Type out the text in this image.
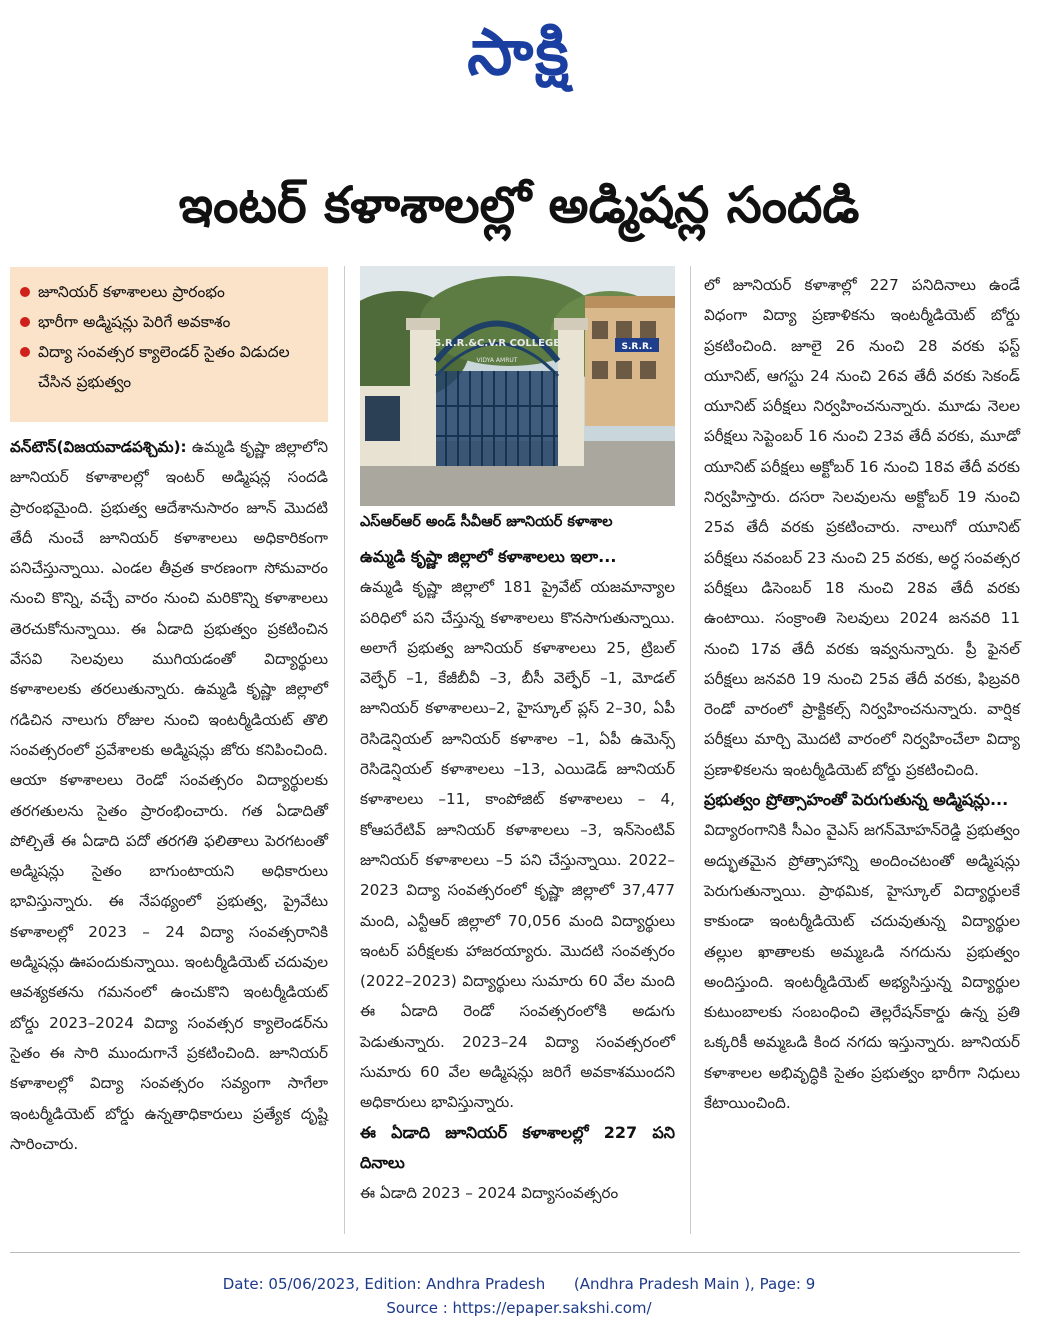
సాక్షి
ఇంటర్ కళాశాలల్లో అడ్మిషన్ల సందడి
జూనియర్ కళాశాలలు ప్రారంభం
భారీగా అడ్మిషన్లు పెరిగే అవకాశం
విద్యా సంవత్సర క్యాలెండర్ సైతం విడుదల చేసిన ప్రభుత్వం
వన్‌టౌన్(విజయవాడపశ్చిమ): ఉమ్మడి కృష్ణా జిల్లాలోని జూనియర్ కళాశాలల్లో ఇంటర్ అడ్మిషన్ల సందడి ప్రారంభమైంది. ప్రభుత్వ ఆదేశానుసారం జూన్ మొదటి తేదీ నుంచే జూనియర్ కళాశాలలు అధికారికంగా పనిచేస్తున్నాయి. ఎండల తీవ్రత కారణంగా సోమవారం నుంచి కొన్ని, వచ్చే వారం నుంచి మరికొన్ని కళాశాలలు తెరచుకోనున్నాయి. ఈ ఏడాది ప్రభుత్వం ప్రకటించిన వేసవి సెలవులు ముగియడంతో విద్యార్థులు కళాశాలలకు తరలుతున్నారు. ఉమ్మడి కృష్ణా జిల్లాలో గడిచిన నాలుగు రోజుల నుంచి ఇంటర్మీడియట్ తొలి సంవత్సరంలో ప్రవేశాలకు అడ్మిషన్లు జోరు కనిపించింది. ఆయా కళాశాలలు రెండో సంవత్సరం విద్యార్థులకు తరగతులను సైతం ప్రారంభించారు. గత ఏడాదితో పోల్చితే ఈ ఏడాది పదో తరగతి ఫలితాలు పెరగటంతో అడ్మిషన్లు సైతం బాగుంటాయని అధికారులు భావిస్తున్నారు. ఈ నేపథ్యంలో ప్రభుత్వ, ప్రైవేటు కళాశాలల్లో 2023 – 24 విద్యా సంవత్సరానికి అడ్మిషన్లు ఊపందుకున్నాయి. ఇంటర్మీడియెట్ చదువుల ఆవశ్యకతను గమనంలో ఉంచుకొని ఇంటర్మీడియట్ బోర్డు 2023–2024 విద్యా సంవత్సర క్యాలెండర్‌ను సైతం ఈ సారి ముందుగానే ప్రకటించింది. జూనియర్ కళాశాలల్లో విద్యా సంవత్సరం సవ్యంగా సాగేలా ఇంటర్మీడియెట్ బోర్డు ఉన్నతాధికారులు ప్రత్యేక దృష్టి సారించారు.
S.R.R.
S.R.R.&C.V.R COLLEGE
VIDYA AMRUT
ఎస్ఆర్ఆర్ అండ్ సీవీఆర్ జూనియర్ కళాశాల
ఉమ్మడి కృష్ణా జిల్లాలో కళాశాలలు ఇలా...
ఉమ్మడి కృష్ణా జిల్లాలో 181 ప్రైవేట్ యజమాన్యాల పరిధిలో పని చేస్తున్న కళాశాలలు కొనసాగుతున్నాయి. అలాగే ప్రభుత్వ జూనియర్ కళాశాలలు 25, ట్రిబల్ వెల్ఫేర్ –1, కేజీబీవీ –3, బీసీ వెల్ఫేర్ –1, మోడల్ జూనియర్ కళాశాలలు–2, హైస్కూల్ ప్లస్ 2–30, ఏపీ రెసిడెన్షియల్ జూనియర్ కళాశాల –1, ఏపీ ఉమెన్స్ రెసిడెన్షియల్ కళాశాలలు –13, ఎయిడెడ్ జూనియర్ కళాశాలలు –11, కాంపోజిట్ కళాశాలలు – 4, కోఆపరేటివ్ జూనియర్ కళాశాలలు –3, ఇన్‌సెంటివ్ జూనియర్ కళాశాలలు –5 పని చేస్తున్నాయి. 2022–2023 విద్యా సంవత్సరంలో కృష్ణా జిల్లాలో 37,477 మంది, ఎన్టీఆర్ జిల్లాలో 70,056 మంది విద్యార్థులు ఇంటర్ పరీక్షలకు హాజరయ్యారు. మొదటి సంవత్సరం (2022–2023) విద్యార్థులు సుమారు 60 వేల మంది ఈ ఏడాది రెండో సంవత్సరంలోకి అడుగు పెడుతున్నారు. 2023–24 విద్యా సంవత్సరంలో సుమారు 60 వేల అడ్మిషన్లు జరిగే అవకాశముందని అధికారులు భావిస్తున్నారు.
ఈ ఏడాది జూనియర్ కళాశాలల్లో 227 పని దినాలు
ఈ ఏడాది 2023 – 2024 విద్యాసంవత్సరం
లో జూనియర్ కళాశాల్లో 227 పనిదినాలు ఉండే విధంగా విద్యా ప్రణాళికను ఇంటర్మీడియెట్ బోర్డు ప్రకటించింది. జూలై 26 నుంచి 28 వరకు ఫస్ట్ యూనిట్, ఆగస్టు 24 నుంచి 26వ తేదీ వరకు సెకండ్ యూనిట్ పరీక్షలు నిర్వహించనున్నారు. మూడు నెలల పరీక్షలు సెప్టెంబర్ 16 నుంచి 23వ తేదీ వరకు, మూడో యూనిట్ పరీక్షలు అక్టోబర్ 16 నుంచి 18వ తేదీ వరకు నిర్వహిస్తారు. దసరా సెలవులను అక్టోబర్ 19 నుంచి 25వ తేదీ వరకు ప్రకటించారు. నాలుగో యూనిట్ పరీక్షలు నవంబర్ 23 నుంచి 25 వరకు, అర్ధ సంవత్సర పరీక్షలు డిసెంబర్ 18 నుంచి 28వ తేదీ వరకు ఉంటాయి. సంక్రాంతి సెలవులు 2024 జనవరి 11 నుంచి 17వ తేదీ వరకు ఇవ్వనున్నారు. ప్రీ ఫైనల్ పరీక్షలు జనవరి 19 నుంచి 25వ తేదీ వరకు, ఫిబ్రవరి రెండో వారంలో ప్రాక్టికల్స్ నిర్వహించనున్నారు. వార్షిక పరీక్షలు మార్చి మొదటి వారంలో నిర్వహించేలా విద్యా ప్రణాళికలను ఇంటర్మీడియెట్ బోర్డు ప్రకటించింది.
ప్రభుత్వం ప్రోత్సాహంతో పెరుగుతున్న అడ్మిషన్లు...
విద్యారంగానికి సీఎం వైఎస్ జగన్‌మోహన్‌రెడ్డి ప్రభుత్వం అద్భుతమైన ప్రోత్సాహాన్ని అందించటంతో అడ్మిషన్లు పెరుగుతున్నాయి. ప్రాథమిక, హైస్కూల్ విద్యార్థులకే కాకుండా ఇంటర్మీడియెట్ చదువుతున్న విద్యార్థుల తల్లుల ఖాతాలకు అమ్మఒడి నగదును ప్రభుత్వం అందిస్తుంది. ఇంటర్మీడియెట్ అభ్యసిస్తున్న విద్యార్థుల కుటుంబాలకు సంబంధించి తెల్లరేషన్‌కార్డు ఉన్న ప్రతి ఒక్కరికీ అమ్మఒడి కింద నగదు ఇస్తున్నారు. జూనియర్ కళాశాలల అభివృద్ధికి సైతం ప్రభుత్వం భారీగా నిధులు కేటాయించింది.
Date: 05/06/2023, Edition: Andhra Pradesh      (Andhra Pradesh Main ), Page: 9
Source : https://epaper.sakshi.com/
